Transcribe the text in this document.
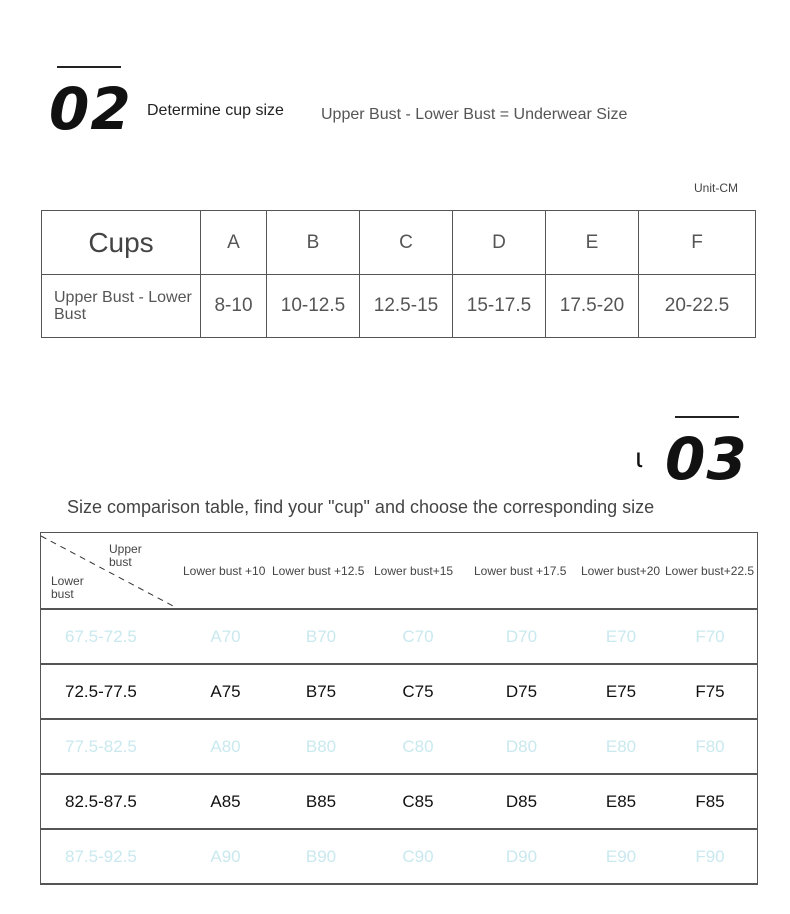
02 Determine cup size Upper Bust - Lower Bust = Underwear Size
Unit-CM
Cups	A	B	C	D	E	F
Upper Bust - Lower Bust	8-10	10-12.5	12.5-15	15-17.5	17.5-20	20-22.5
ɩ 03
Size comparison table, find your "cup" and choose the corresponding size
Upper bust
Lower bust	Lower bust +10	Lower bust +12.5	Lower bust+15	Lower bust +17.5	Lower bust+20	Lower bust+22.5
67.5-72.5	A70	B70	C70	D70	E70	F70
72.5-77.5	A75	B75	C75	D75	E75	F75
77.5-82.5	A80	B80	C80	D80	E80	F80
82.5-87.5	A85	B85	C85	D85	E85	F85
87.5-92.5	A90	B90	C90	D90	E90	F90
